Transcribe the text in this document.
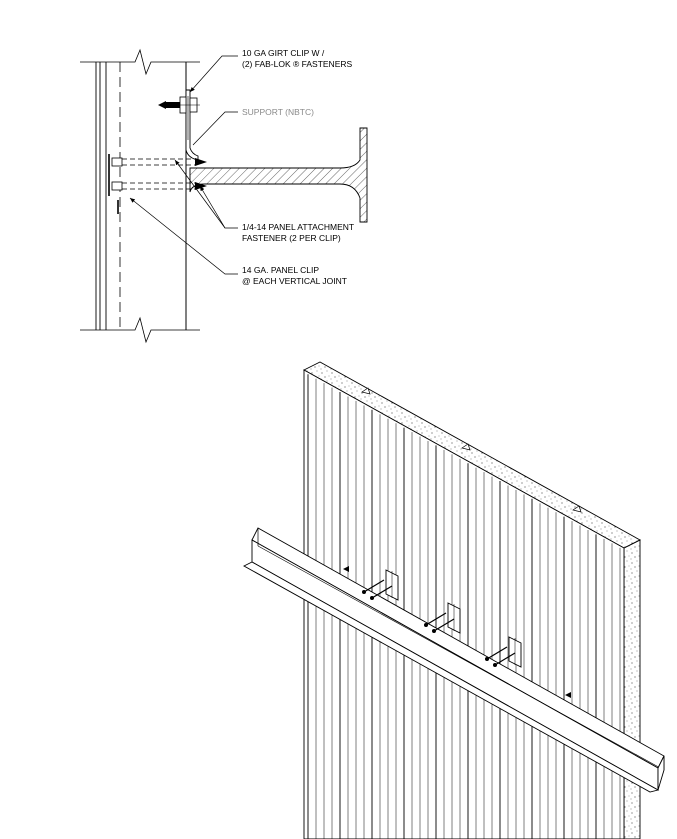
10 GA GIRT CLIP W /
(2) FAB-LOK ® FASTENERS
SUPPORT (NBTC)
1/4-14 PANEL ATTACHMENT
FASTENER (2 PER CLIP)
14 GA. PANEL CLIP
@ EACH VERTICAL JOINT
